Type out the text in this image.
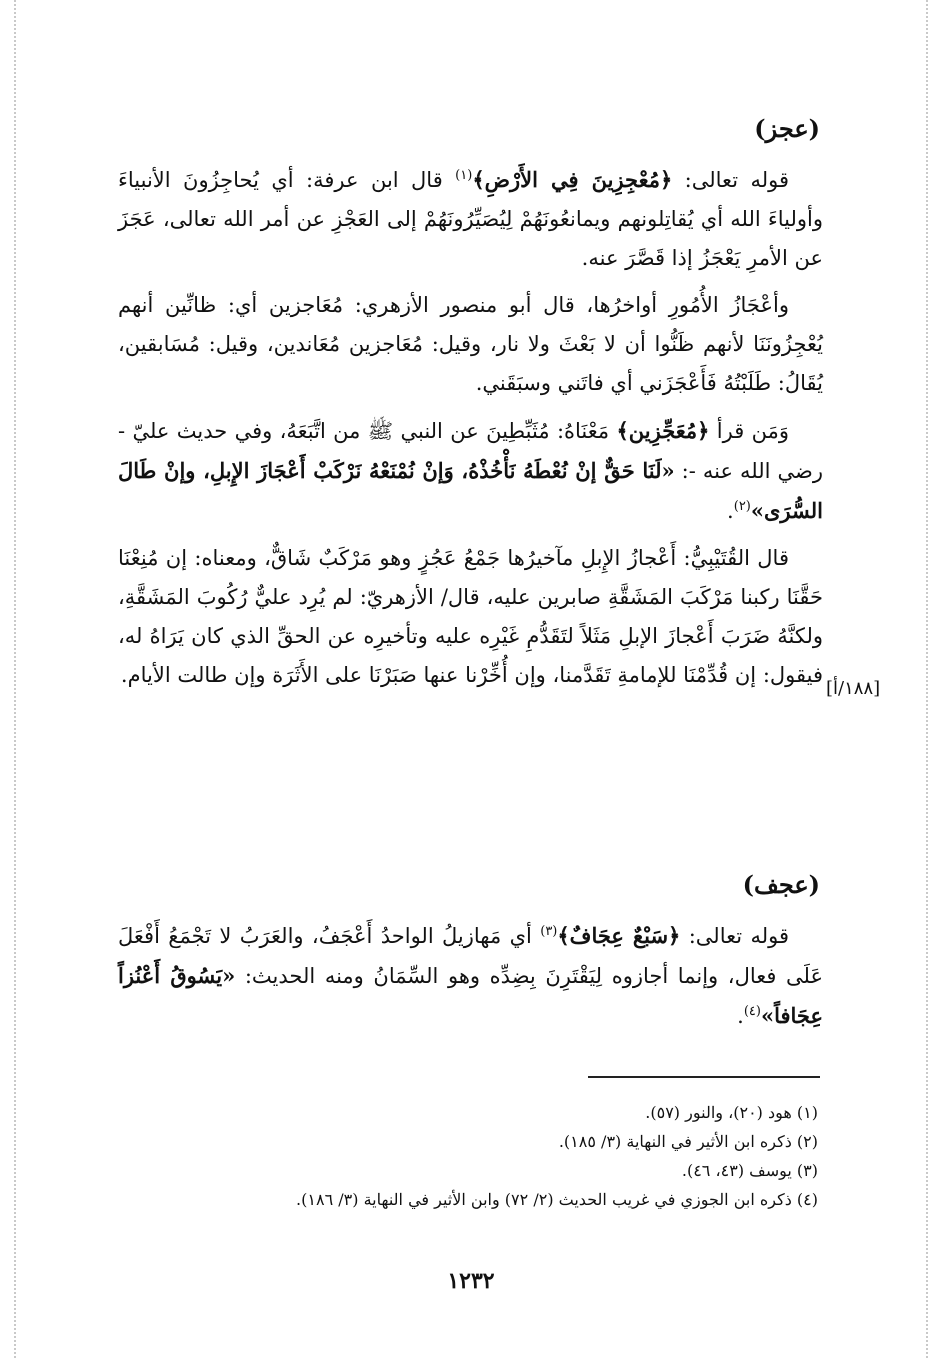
(عجز)

قوله تعالى: ﴿مُعْجِزِينَ فِي الأَرْضِ﴾$^{(١)}$ قال ابن عرفة: أي يُحاجِزُونَ الأنبياءَ وأولياءَ الله أي يُقاتِلونهم ويمانعُونَهُمْ لِيُصَيِّرُونَهُمْ إلى العَجْزِ عن أمر الله تعالى، عَجَزَ عن الأمرِ يَعْجَزُ إذا قَصَّرَ عنه.

وأعْجَازُ الأُمُورِ أواخرُها، قال أبو منصور الأزهري: مُعَاجزين أي: ظانِّين أنهم يُعْجِزُونَنَا لأنهم ظَنُّوا أن لا بَعْثَ ولا نار، وقيل: مُعَاجزين مُعَاندين، وقيل: مُسَابقين، يُقَالُ: طَلَبْتُهُ فَأَعْجَزَني أي فاتَني وسبَقَني.

وَمَن قرأ ﴿مُعَجِّزِين﴾ مَعْنَاهُ: مُثَبِّطِينَ عن النبي ﷺ من اتَّبَعَهُ، وفي حديث عليّ - رضي الله عنه -: «لَنَا حَقٌّ إنْ نُعْطَهُ نَأْخُذْهُ، وَإنْ نُمْنَعْهُ نَرْكَبْ أَعْجَازَ الإِبلِ، وإنْ طَالَ السُّرَى»$^{(٢)}$.

قال القُتَيْبِيُّ: أَعْجازُ الإِبلِ مآخيرُها جَمْعُ عَجُزٍ وهو مَرْكَبٌ شَاقٌّ، ومعناه: إن مُنِعْنَا حَقَّنَا ركبنا مَرْكَبَ المَشَقَّةِ صابرين عليه، قال/ الأزهريّ: لم يُرِد عليٌّ رُكُوبَ المَشَقَّةِ، ولكنَّهُ ضَرَبَ أَعْجازَ الإبلِ مَثَلاً لتَقَدُّمِ غَيْرِه عليه وتأخيرِه عن الحقِّ الذي كان يَرَاهُ له، فيقول: إن قُدِّمْنَا للإمامةِ تَقَدَّمنا، وإن أُخِّرْنا عنها صَبَرْنَا على الأَثَرَة وإن طالت الأيام.

[١٨٨/أ]
(عجف)

قوله تعالى: ﴿سَبْعٌ عِجَافٌ﴾$^{(٣)}$ أي مَهازيلُ الواحدُ أَعْجَفُ، والعَرَبُ لا تَجْمَعُ أَفْعَلَ عَلَى فعال، وإنما أجازوه لِيَقْتَرِنَ بِضِدِّه وهو السِّمَانُ ومنه الحديث: «يَسُوقُ أَعْنُزاً عِجَافاً»$^{(٤)}$.

(١) هود (٢٠)، والنور (٥٧).
(٢) ذكره ابن الأثير في النهاية (٣/ ١٨٥).
(٣) يوسف (٤٣، ٤٦).
(٤) ذكره ابن الجوزي في غريب الحديث (٢/ ٧٢) وابن الأثير في النهاية (٣/ ١٨٦).
١٢٣٢
